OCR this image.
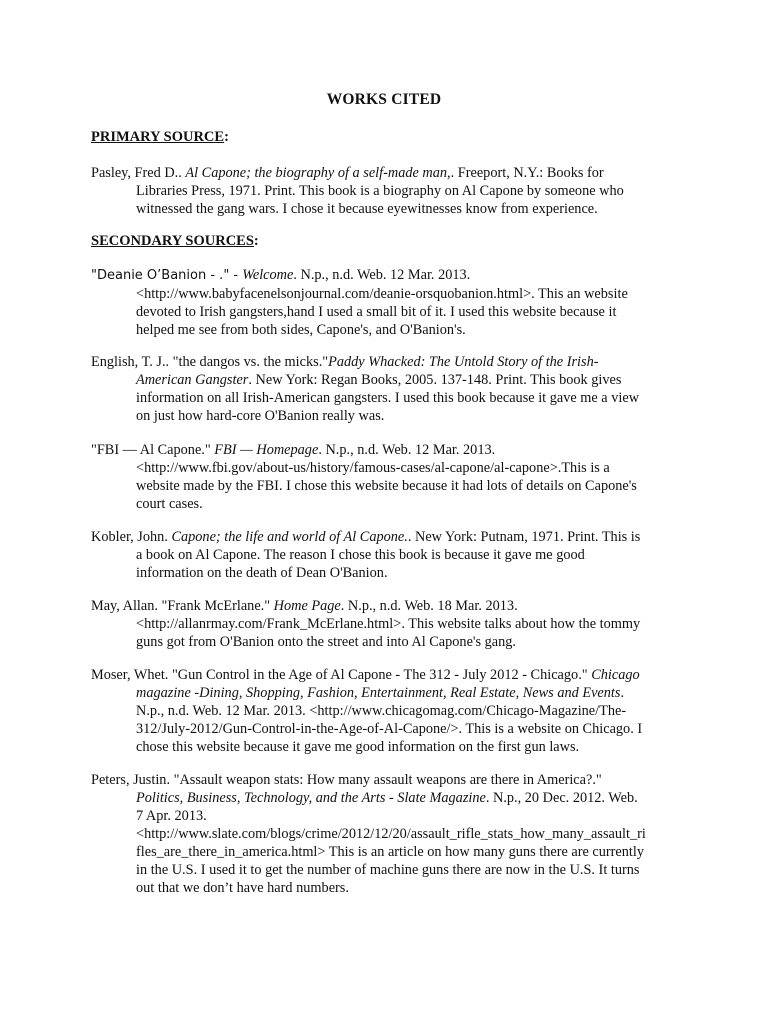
WORKS CITED
PRIMARY SOURCE:
SECONDARY SOURCES:
Pasley, Fred D.. Al Capone; the biography of a self-made man,. Freeport, N.Y.: Books for
Libraries Press, 1971. Print. This book is a biography on Al Capone by someone who
witnessed the gang wars. I chose it because eyewitnesses know from experience.
"Deanie O’Banion - ." - Welcome. N.p., n.d. Web. 12 Mar. 2013.
<http://www.babyfacenelsonjournal.com/deanie-orsquobanion.html>. This an website
devoted to Irish gangsters,hand I used a small bit of it. I used this website because it
helped me see from both sides, Capone's, and O'Banion's.
English, T. J.. "the dangos vs. the micks."Paddy Whacked: The Untold Story of the Irish-
American Gangster. New York: Regan Books, 2005. 137-148. Print. This book gives
information on all Irish-American gangsters. I used this book because it gave me a view
on just how hard-core O'Banion really was.
"FBI — Al Capone." FBI — Homepage. N.p., n.d. Web. 12 Mar. 2013.
<http://www.fbi.gov/about-us/history/famous-cases/al-capone/al-capone>.This is a
website made by the FBI. I chose this website because it had lots of details on Capone's
court cases.
Kobler, John. Capone; the life and world of Al Capone.. New York: Putnam, 1971. Print. This is
a book on Al Capone. The reason I chose this book is because it gave me good
information on the death of Dean O'Banion.
May, Allan. "Frank McErlane." Home Page. N.p., n.d. Web. 18 Mar. 2013.
<http://allanrmay.com/Frank_McErlane.html>. This website talks about how the tommy
guns got from O'Banion onto the street and into Al Capone's gang.
Moser, Whet. "Gun Control in the Age of Al Capone - The 312 - July 2012 - Chicago." Chicago
magazine -Dining, Shopping, Fashion, Entertainment, Real Estate, News and Events.
N.p., n.d. Web. 12 Mar. 2013. <http://www.chicagomag.com/Chicago-Magazine/The-
312/July-2012/Gun-Control-in-the-Age-of-Al-Capone/>. This is a website on Chicago. I
chose this website because it gave me good information on the first gun laws.
Peters, Justin. "Assault weapon stats: How many assault weapons are there in America?."
Politics, Business, Technology, and the Arts - Slate Magazine. N.p., 20 Dec. 2012. Web.
7 Apr. 2013.
<http://www.slate.com/blogs/crime/2012/12/20/assault_rifle_stats_how_many_assault_ri
fles_are_there_in_america.html> This is an article on how many guns there are currently
in the U.S. I used it to get the number of machine guns there are now in the U.S. It turns
out that we don’t have hard numbers.
